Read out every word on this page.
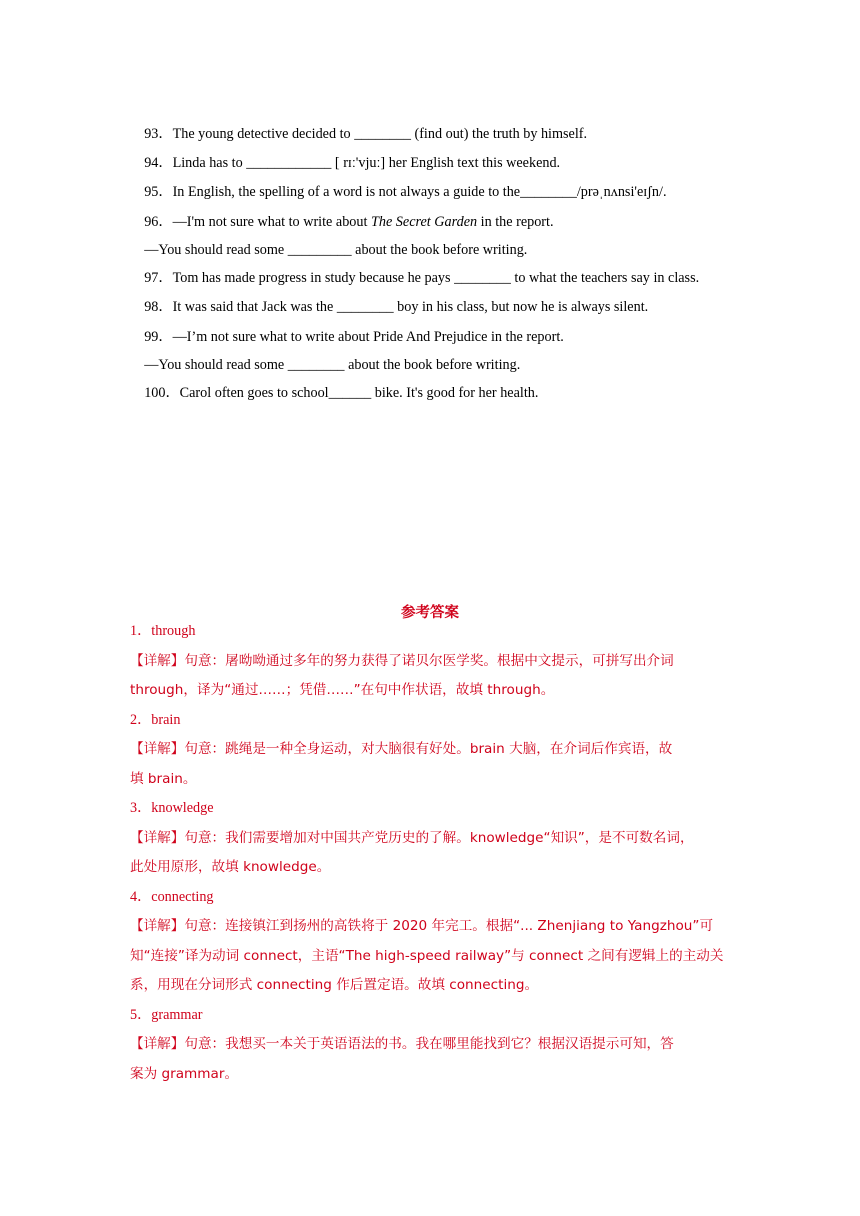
93．The young detective decided to ________ (find out) the truth by himself.

94．Linda has to ____________ [ rɪː'vjuː] her English text this weekend.

95．In English, the spelling of a word is not always a guide to the________/prəˌnʌnsi'eɪʃn/.

96．—I'm not sure what to write about The Secret Garden in the report.

—You should read some _________ about the book before writing.

97．Tom has made progress in study because he pays ________ to what the teachers say in class.

98．It was said that Jack was the ________ boy in his class, but now he is always silent.

99．—I’m not sure what to write about Pride And Prejudice in the report.

—You should read some ________ about the book before writing.

100．Carol often goes to school______ bike. It's good for her health.

参考答案
1．through
【详解】句意：屠呦呦通过多年的努力获得了诺贝尔医学奖。根据中文提示，可拼写出介词
through，译为“通过……；凭借……”在句中作状语，故填 through。
2．brain
【详解】句意：跳绳是一种全身运动，对大脑很有好处。brain 大脑，在介词后作宾语，故
填 brain。
3．knowledge
【详解】句意：我们需要增加对中国共产党历史的了解。knowledge“知识”，是不可数名词，
此处用原形，故填 knowledge。
4．connecting
【详解】句意：连接镇江到扬州的高铁将于 2020 年完工。根据“... Zhenjiang to Yangzhou”可
知“连接”译为动词 connect，主语“The high-speed railway”与 connect 之间有逻辑上的主动关
系，用现在分词形式 connecting 作后置定语。故填 connecting。
5．grammar
【详解】句意：我想买一本关于英语语法的书。我在哪里能找到它？根据汉语提示可知，答
案为 grammar。
